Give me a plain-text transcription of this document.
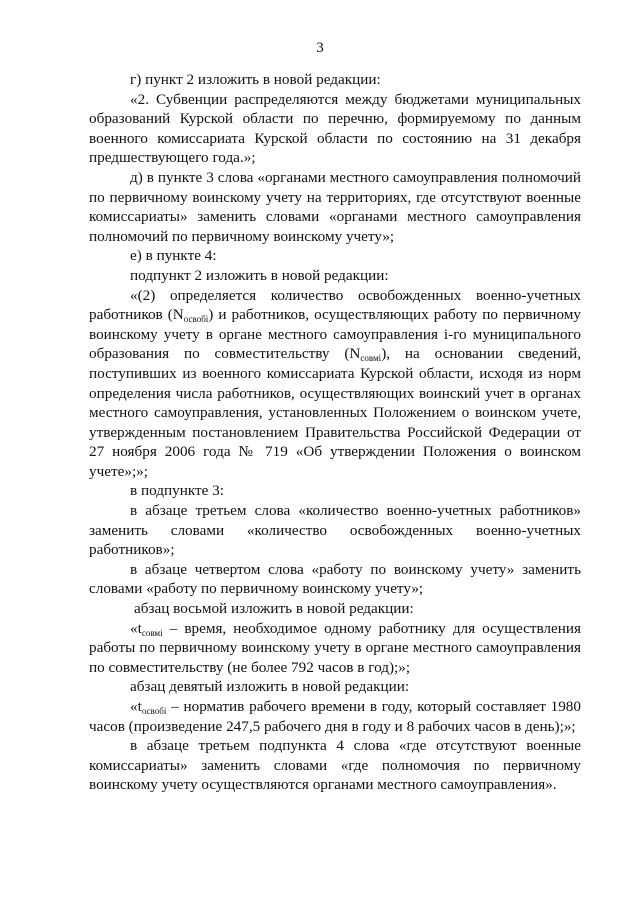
3

г) пункт 2 изложить в новой редакции:

«2. Субвенции распределяются между бюджетами муниципальных образований Курской области по перечню, формируемому по данным военного комиссариата Курской области по состоянию на 31 декабря предшествующего года.»;

д) в пункте 3 слова «органами местного самоуправления полномочий по первичному воинскому учету на территориях, где отсутствуют военные комиссариаты» заменить словами «органами местного самоуправления полномочий по первичному воинскому учету»;

е) в пункте 4:

подпункт 2 изложить в новой редакции:

«(2) определяется количество освобожденных военно-учетных работников $(N_{освобi})$ и работников, осуществляющих работу по первичному воинскому учету в органе местного самоуправления i-го муниципального образования по совместительству $(N_{совмi})$, на основании сведений, поступивших из военного комиссариата Курской области, исходя из норм определения числа работников, осуществляющих воинский учет в органах местного самоуправления, установленных Положением о воинском учете, утвержденным постановлением Правительства Российской Федерации от 27 ноября 2006 года № 719 «Об утверждении Положения о воинском учете»;»;

в подпункте 3:

в абзаце третьем слова «количество военно-учетных работников» заменить словами «количество освобожденных военно-учетных работников»;

в абзаце четвертом слова «работу по воинскому учету» заменить словами «работу по первичному воинскому учету»;

абзац восьмой изложить в новой редакции:

«$t_{совмi}$ – время, необходимое одному работнику для осуществления работы по первичному воинскому учету в органе местного самоуправления по совместительству (не более 792 часов в год);»;

абзац девятый изложить в новой редакции:

«$t_{освобi}$ – норматив рабочего времени в году, который составляет 1980 часов (произведение 247,5 рабочего дня в году и 8 рабочих часов в день);»;

в абзаце третьем подпункта 4 слова «где отсутствуют военные комиссариаты» заменить словами «где полномочия по первичному воинскому учету осуществляются органами местного самоуправления».
